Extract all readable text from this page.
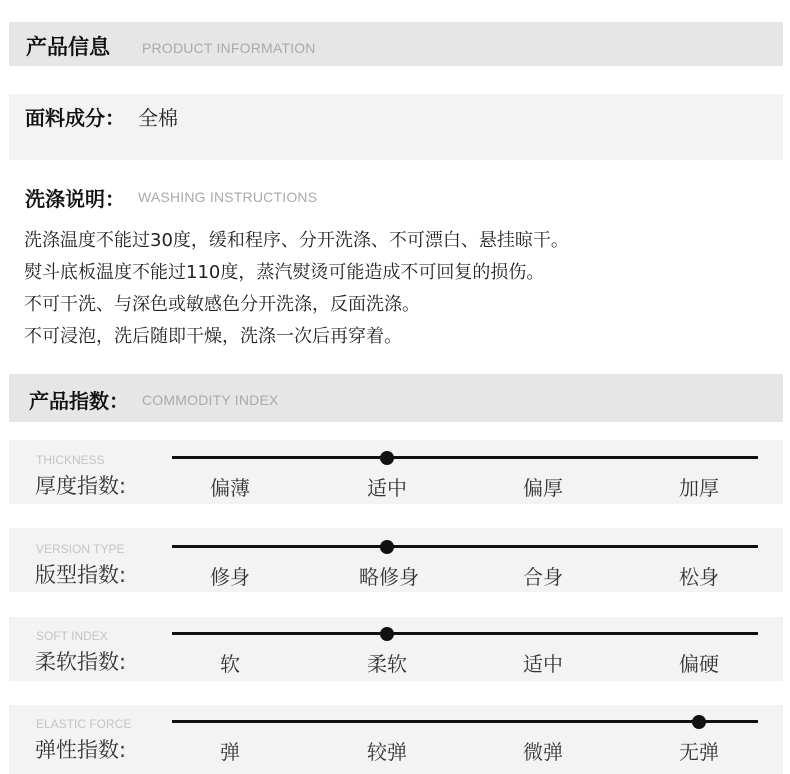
产品信息 PRODUCT INFORMATION
面料成分： 全棉
洗涤说明： WASHING INSTRUCTIONS
洗涤温度不能过30度，缓和程序、分开洗涤、不可漂白、悬挂晾干。
熨斗底板温度不能过110度，蒸汽熨烫可能造成不可回复的损伤。
不可干洗、与深色或敏感色分开洗涤，反面洗涤。
不可浸泡，洗后随即干燥，洗涤一次后再穿着。
产品指数： COMMODITY INDEX
THICKNESS
厚度指数:	偏薄	适中	偏厚	加厚
VERSION TYPE
版型指数:	修身	略修身	合身	松身
SOFT INDEX
柔软指数:	软	柔软	适中	偏硬
ELASTIC FORCE
弹性指数:	弹	较弹	微弹	无弹
